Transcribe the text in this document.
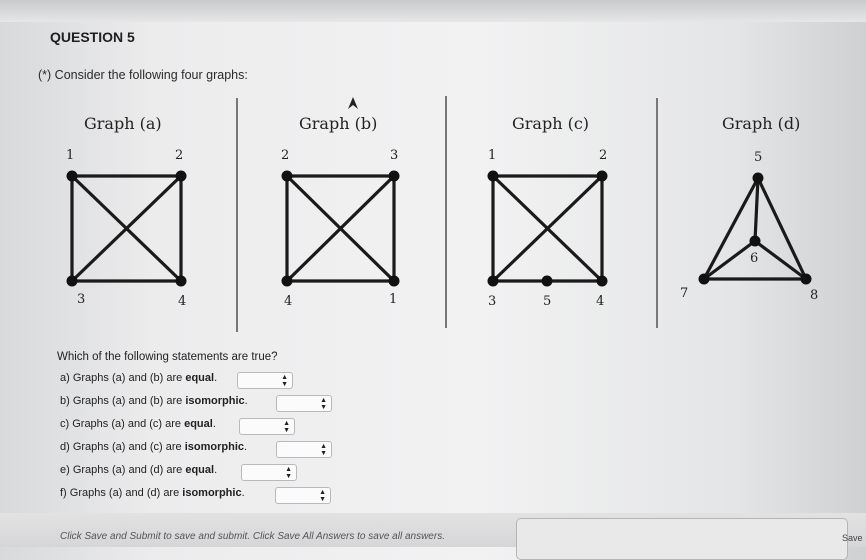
QUESTION 5
(*) Consider the following four graphs:
Graph (a)	Graph (b)	Graph (c)	Graph (d)
1	2
3	4
2	3
4	1
1	2
3	5	4
5
6
7	8
Which of the following statements are true?
a) Graphs (a) and (b) are equal.	▲
▼
b) Graphs (a) and (b) are isomorphic.	▲
▼
c) Graphs (a) and (c) are equal.	▲
▼
d) Graphs (a) and (c) are isomorphic.	▲
▼
e) Graphs (a) and (d) are equal.	▲
▼
f) Graphs (a) and (d) are isomorphic.	▲
▼
Click Save and Submit to save and submit. Click Save All Answers to save all answers.	Save
